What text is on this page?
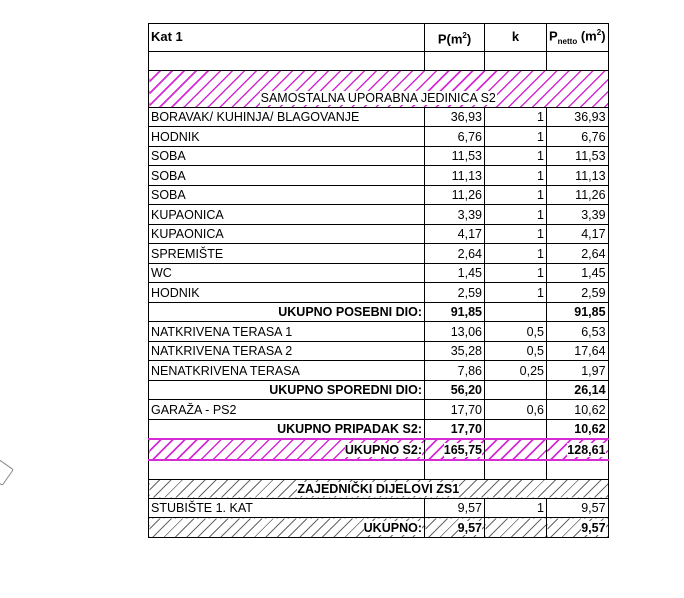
Kat 1	$P(m^2)$	k	$P_{netto}$ $(m^2)$

SAMOSTALNA UPORABNA JEDINICA S2			
BORAVAK/ KUHINJA/ BLAGOVANJE	36,93	1	36,93
HODNIK	6,76	1	6,76
SOBA	11,53	1	11,53
SOBA	11,13	1	11,13
SOBA	11,26	1	11,26
KUPAONICA	3,39	1	3,39
KUPAONICA	4,17	1	4,17
SPREMIŠTE	2,64	1	2,64
WC	1,45	1	1,45
HODNIK	2,59	1	2,59
UKUPNO POSEBNI DIO:	91,85		91,85
NATKRIVENA TERASA 1	13,06	0,5	6,53
NATKRIVENA TERASA 2	35,28	0,5	17,64
NENATKRIVENA TERASA	7,86	0,25	1,97
UKUPNO SPOREDNI DIO:	56,20		26,14
GARAŽA - PS2	17,70	0,6	10,62
UKUPNO PRIPADAK S2:	17,70		10,62
UKUPNO S2:	165,75		128,61

ZAJEDNIČKI DIJELOVI ZS1			
STUBIŠTE 1. KAT	9,57	1	9,57
UKUPNO:	9,57		9,57
